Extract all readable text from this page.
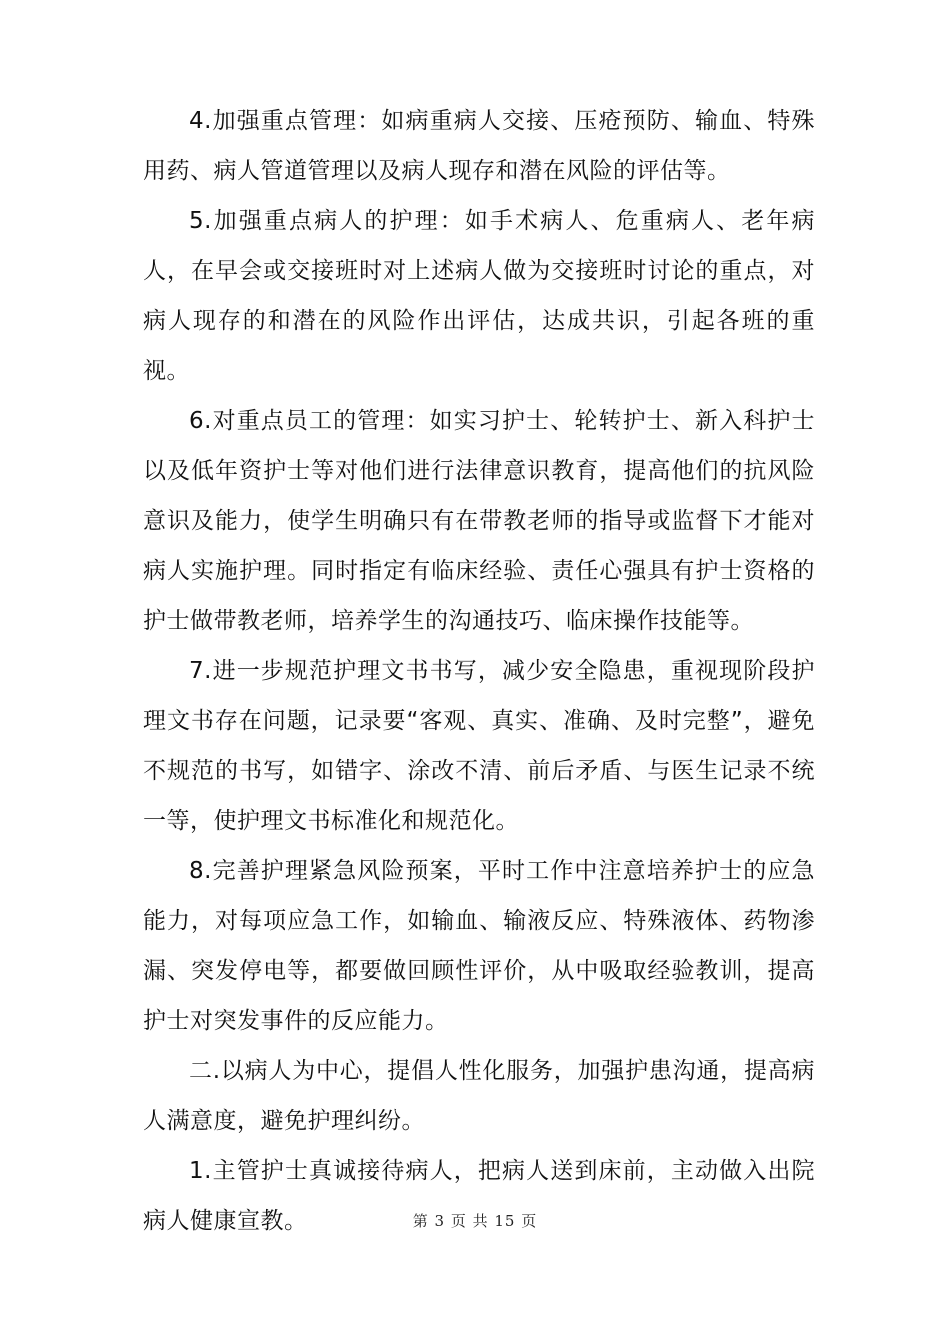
4.加强重点管理：如病重病人交接、压疮预防、输血、特殊用药、病人管道管理以及病人现存和潜在风险的评估等。

5.加强重点病人的护理：如手术病人、危重病人、老年病人，在早会或交接班时对上述病人做为交接班时讨论的重点，对病人现存的和潜在的风险作出评估，达成共识，引起各班的重视。

6.对重点员工的管理：如实习护士、轮转护士、新入科护士以及低年资护士等对他们进行法律意识教育，提高他们的抗风险意识及能力，使学生明确只有在带教老师的指导或监督下才能对病人实施护理。同时指定有临床经验、责任心强具有护士资格的护士做带教老师，培养学生的沟通技巧、临床操作技能等。

7.进一步规范护理文书书写，减少安全隐患，重视现阶段护理文书存在问题，记录要“客观、真实、准确、及时完整”，避免不规范的书写，如错字、涂改不清、前后矛盾、与医生记录不统一等，使护理文书标准化和规范化。

8.完善护理紧急风险预案，平时工作中注意培养护士的应急能力，对每项应急工作，如输血、输液反应、特殊液体、药物渗漏、突发停电等，都要做回顾性评价，从中吸取经验教训，提高护士对突发事件的反应能力。

二.以病人为中心，提倡人性化服务，加强护患沟通，提高病人满意度，避免护理纠纷。

1.主管护士真诚接待病人，把病人送到床前，主动做入出院病人健康宣教。	第 3 页 共 15 页
